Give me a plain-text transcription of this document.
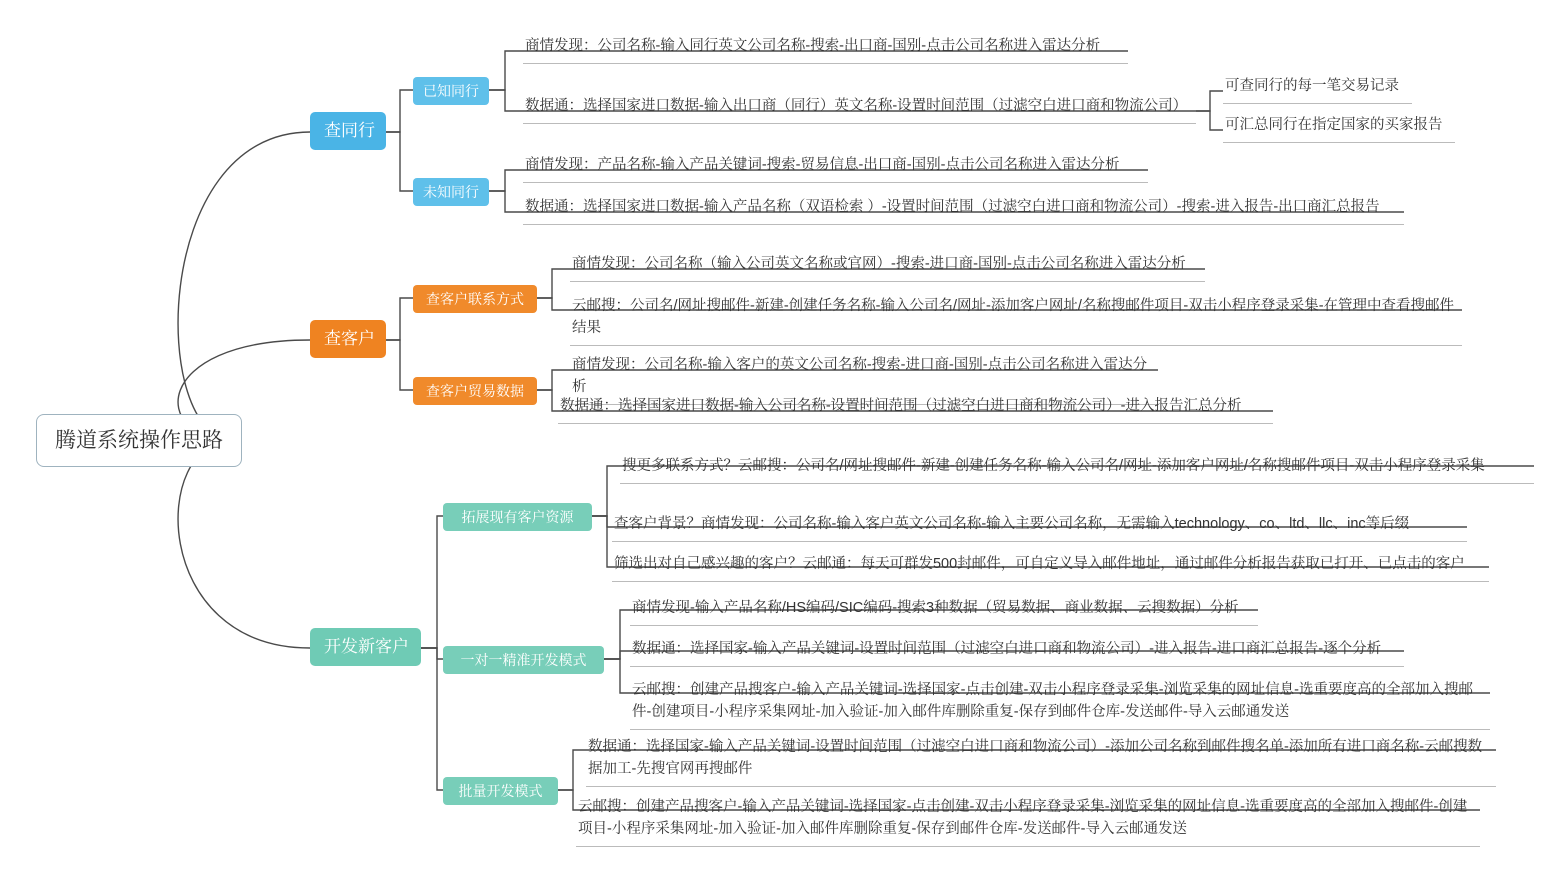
腾道系统操作思路
查同行
查客户
开发新客户
已知同行
未知同行
商情发现：公司名称-输入同行英文公司名称-搜索-出口商-国别-点击公司名称进入雷达分析
数据通：选择国家进口数据-输入出口商（同行）英文名称-设置时间范围（过滤空白进口商和物流公司）
可查同行的每一笔交易记录
可汇总同行在指定国家的买家报告
商情发现：产品名称-输入产品关键词-搜索-贸易信息-出口商-国别-点击公司名称进入雷达分析
数据通：选择国家进口数据-输入产品名称（双语检索 ）-设置时间范围（过滤空白进口商和物流公司）-搜索-进入报告-出口商汇总报告
查客户联系方式
查客户贸易数据
商情发现：公司名称（输入公司英文名称或官网）-搜索-进口商-国别-点击公司名称进入雷达分析
云邮搜：公司名/网址搜邮件-新建-创建任务名称-输入公司名/网址-添加客户网址/名称搜邮件项目-双击小程序登录采集-在管理中查看搜邮件结果
商情发现：公司名称-输入客户的英文公司名称-搜索-进口商-国别-点击公司名称进入雷达分析
数据通：选择国家进口数据-输入公司名称-设置时间范围（过滤空白进口商和物流公司）-进入报告汇总分析
拓展现有客户资源
一对一精准开发模式
批量开发模式
搜更多联系方式？云邮搜：公司名/网址搜邮件-新建-创建任务名称-输入公司名/网址-添加客户网址/名称搜邮件项目-双击小程序登录采集
查客户背景？商情发现：公司名称-输入客户英文公司名称-输入主要公司名称，无需输入technology、co、ltd、llc、inc等后缀
筛选出对自己感兴趣的客户？云邮通：每天可群发500封邮件，可自定义导入邮件地址，通过邮件分析报告获取已打开、已点击的客户
商情发现-输入产品名称/HS编码/SIC编码-搜索3种数据（贸易数据、商业数据、云搜数据）分析
数据通：选择国家-输入产品关键词-设置时间范围（过滤空白进口商和物流公司）-进入报告-进口商汇总报告-逐个分析
云邮搜：创建产品搜客户-输入产品关键词-选择国家-点击创建-双击小程序登录采集-浏览采集的网址信息-选重要度高的全部加入搜邮件-创建项目-小程序采集网址-加入验证-加入邮件库删除重复-保存到邮件仓库-发送邮件-导入云邮通发送
数据通：选择国家-输入产品关键词-设置时间范围（过滤空白进口商和物流公司）-添加公司名称到邮件搜名单-添加所有进口商名称-云邮搜数据加工-先搜官网再搜邮件
云邮搜：创建产品搜客户-输入产品关键词-选择国家-点击创建-双击小程序登录采集-浏览采集的网址信息-选重要度高的全部加入搜邮件-创建项目-小程序采集网址-加入验证-加入邮件库删除重复-保存到邮件仓库-发送邮件-导入云邮通发送
